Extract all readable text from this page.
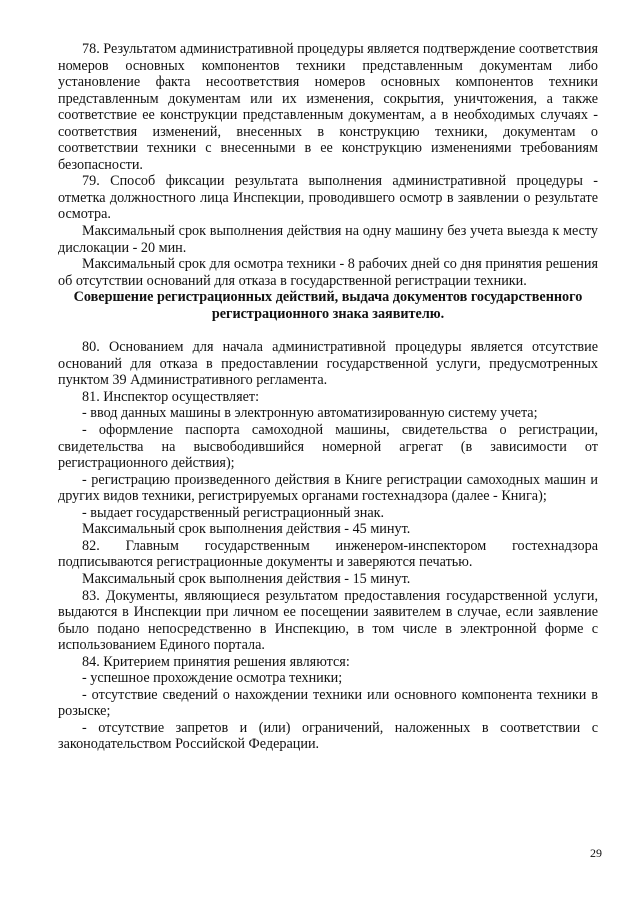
78. Результатом административной процедуры является подтверждение соответствия номеров основных компонентов техники представленным документам либо установление факта несоответствия номеров основных компонентов техники представленным документам или их изменения, сокрытия, уничтожения, а также соответствие ее конструкции представленным документам, а в необходимых случаях - соответствия изменений, внесенных в конструкцию техники, документам о соответствии техники с внесенными в ее конструкцию изменениями требованиям безопасности.

79. Способ фиксации результата выполнения административной процедуры - отметка должностного лица Инспекции, проводившего осмотр в заявлении о результате осмотра.

Максимальный срок выполнения действия на одну машину без учета выезда к месту дислокации - 20 мин.

Максимальный срок для осмотра техники - 8 рабочих дней со дня принятия решения об отсутствии оснований для отказа в государственной регистрации техники.

Совершение регистрационных действий, выдача документов государственного регистрационного знака заявителю.

80. Основанием для начала административной процедуры является отсутствие оснований для отказа в предоставлении государственной услуги, предусмотренных пунктом 39 Административного регламента.

81. Инспектор осуществляет:

- ввод данных машины в электронную автоматизированную систему учета;

- оформление паспорта самоходной машины, свидетельства о регистрации, свидетельства на высвободившийся номерной агрегат (в зависимости от регистрационного действия);

- регистрацию произведенного действия в Книге регистрации самоходных машин и других видов техники, регистрируемых органами гостехнадзора (далее - Книга);

- выдает государственный регистрационный знак.

Максимальный срок выполнения действия - 45 минут.

82. Главным государственным инженером-инспектором гостехнадзора подписываются регистрационные документы и заверяются печатью.

Максимальный срок выполнения действия - 15 минут.

83. Документы, являющиеся результатом предоставления государственной услуги, выдаются в Инспекции при личном ее посещении заявителем в случае, если заявление было подано непосредственно в Инспекцию, в том числе в электронной форме с использованием Единого портала.

84. Критерием принятия решения являются:

- успешное прохождение осмотра техники;

- отсутствие сведений о нахождении техники или основного компонента техники в розыске;

- отсутствие запретов и (или) ограничений, наложенных в соответствии с законодательством Российской Федерации.

29
